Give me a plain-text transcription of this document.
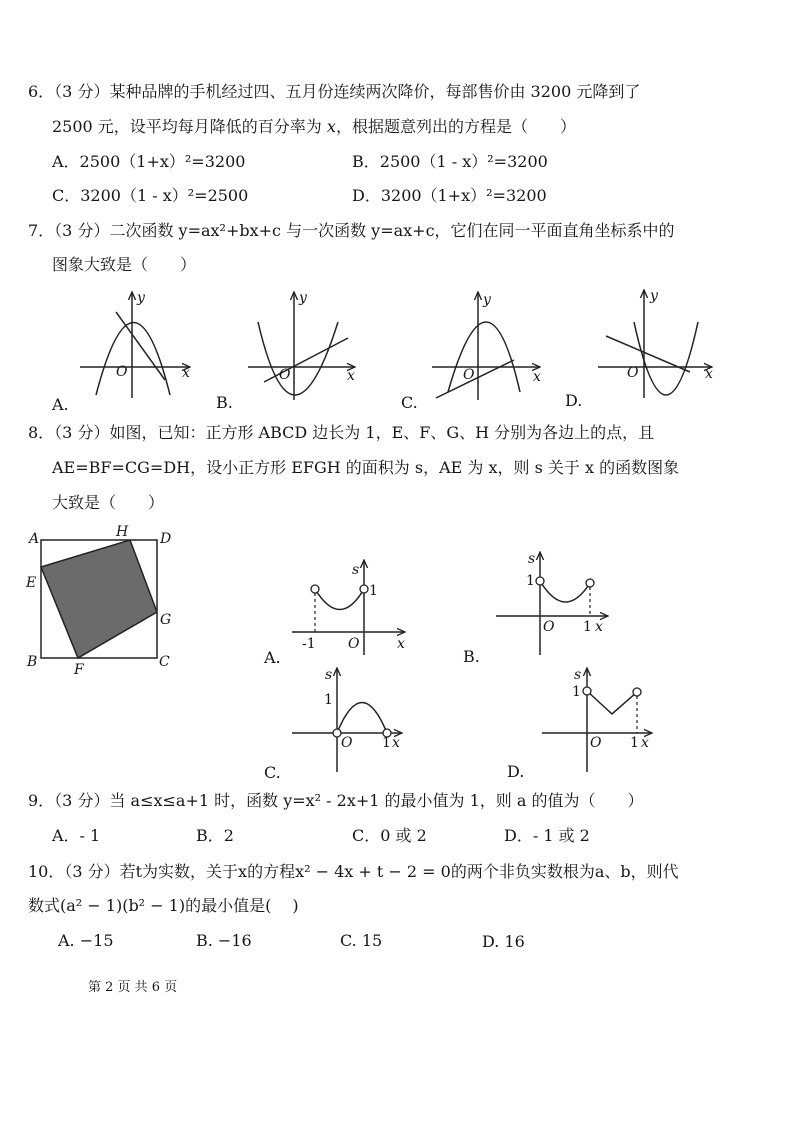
6．（3 分）某种品牌的手机经过四、五月份连续两次降价，每部售价由 3200 元降到了
2500 元，设平均每月降低的百分率为 x，根据题意列出的方程是（　　）
A．2500（1+x）²=3200	B．2500（1 - x）²=3200
C．3200（1 - x）²=2500	D．3200（1+x）²=3200
7．（3 分）二次函数 y=ax²+bx+c 与一次函数 y=ax+c，它们在同一平面直角坐标系中的
图象大致是（　　）
y
x
O
y
x
O
y
x
O
y
x
O
A.	B.	C.	D.
8．（3 分）如图，已知：正方形 ABCD 边长为 1，E、F、G、H 分别为各边上的点，且
AE=BF=CG=DH，设小正方形 EFGH 的面积为 s，AE 为 x，则 s 关于 x 的函数图象
大致是（　　）
A	H D
E
G
B	F	C
s
1
-1 O	x
A.
s
1
O 1 x
B.
s
1
O 1 x
C.
s
1
O 1 x
D.
9．（3 分）当 a≤x≤a+1 时，函数 y=x² - 2x+1 的最小值为 1，则 a 的值为（　　）
A．- 1	B．2	C．0 或 2	D．- 1 或 2
10．（3 分）若t为实数，关于x的方程x² − 4x + t − 2 = 0的两个非负实数根为a、b，则代
数式(a² − 1)(b² − 1)的最小值是(　 )
A. −15	B. −16	C. 15	D. 16
第 2 页 共 6 页
